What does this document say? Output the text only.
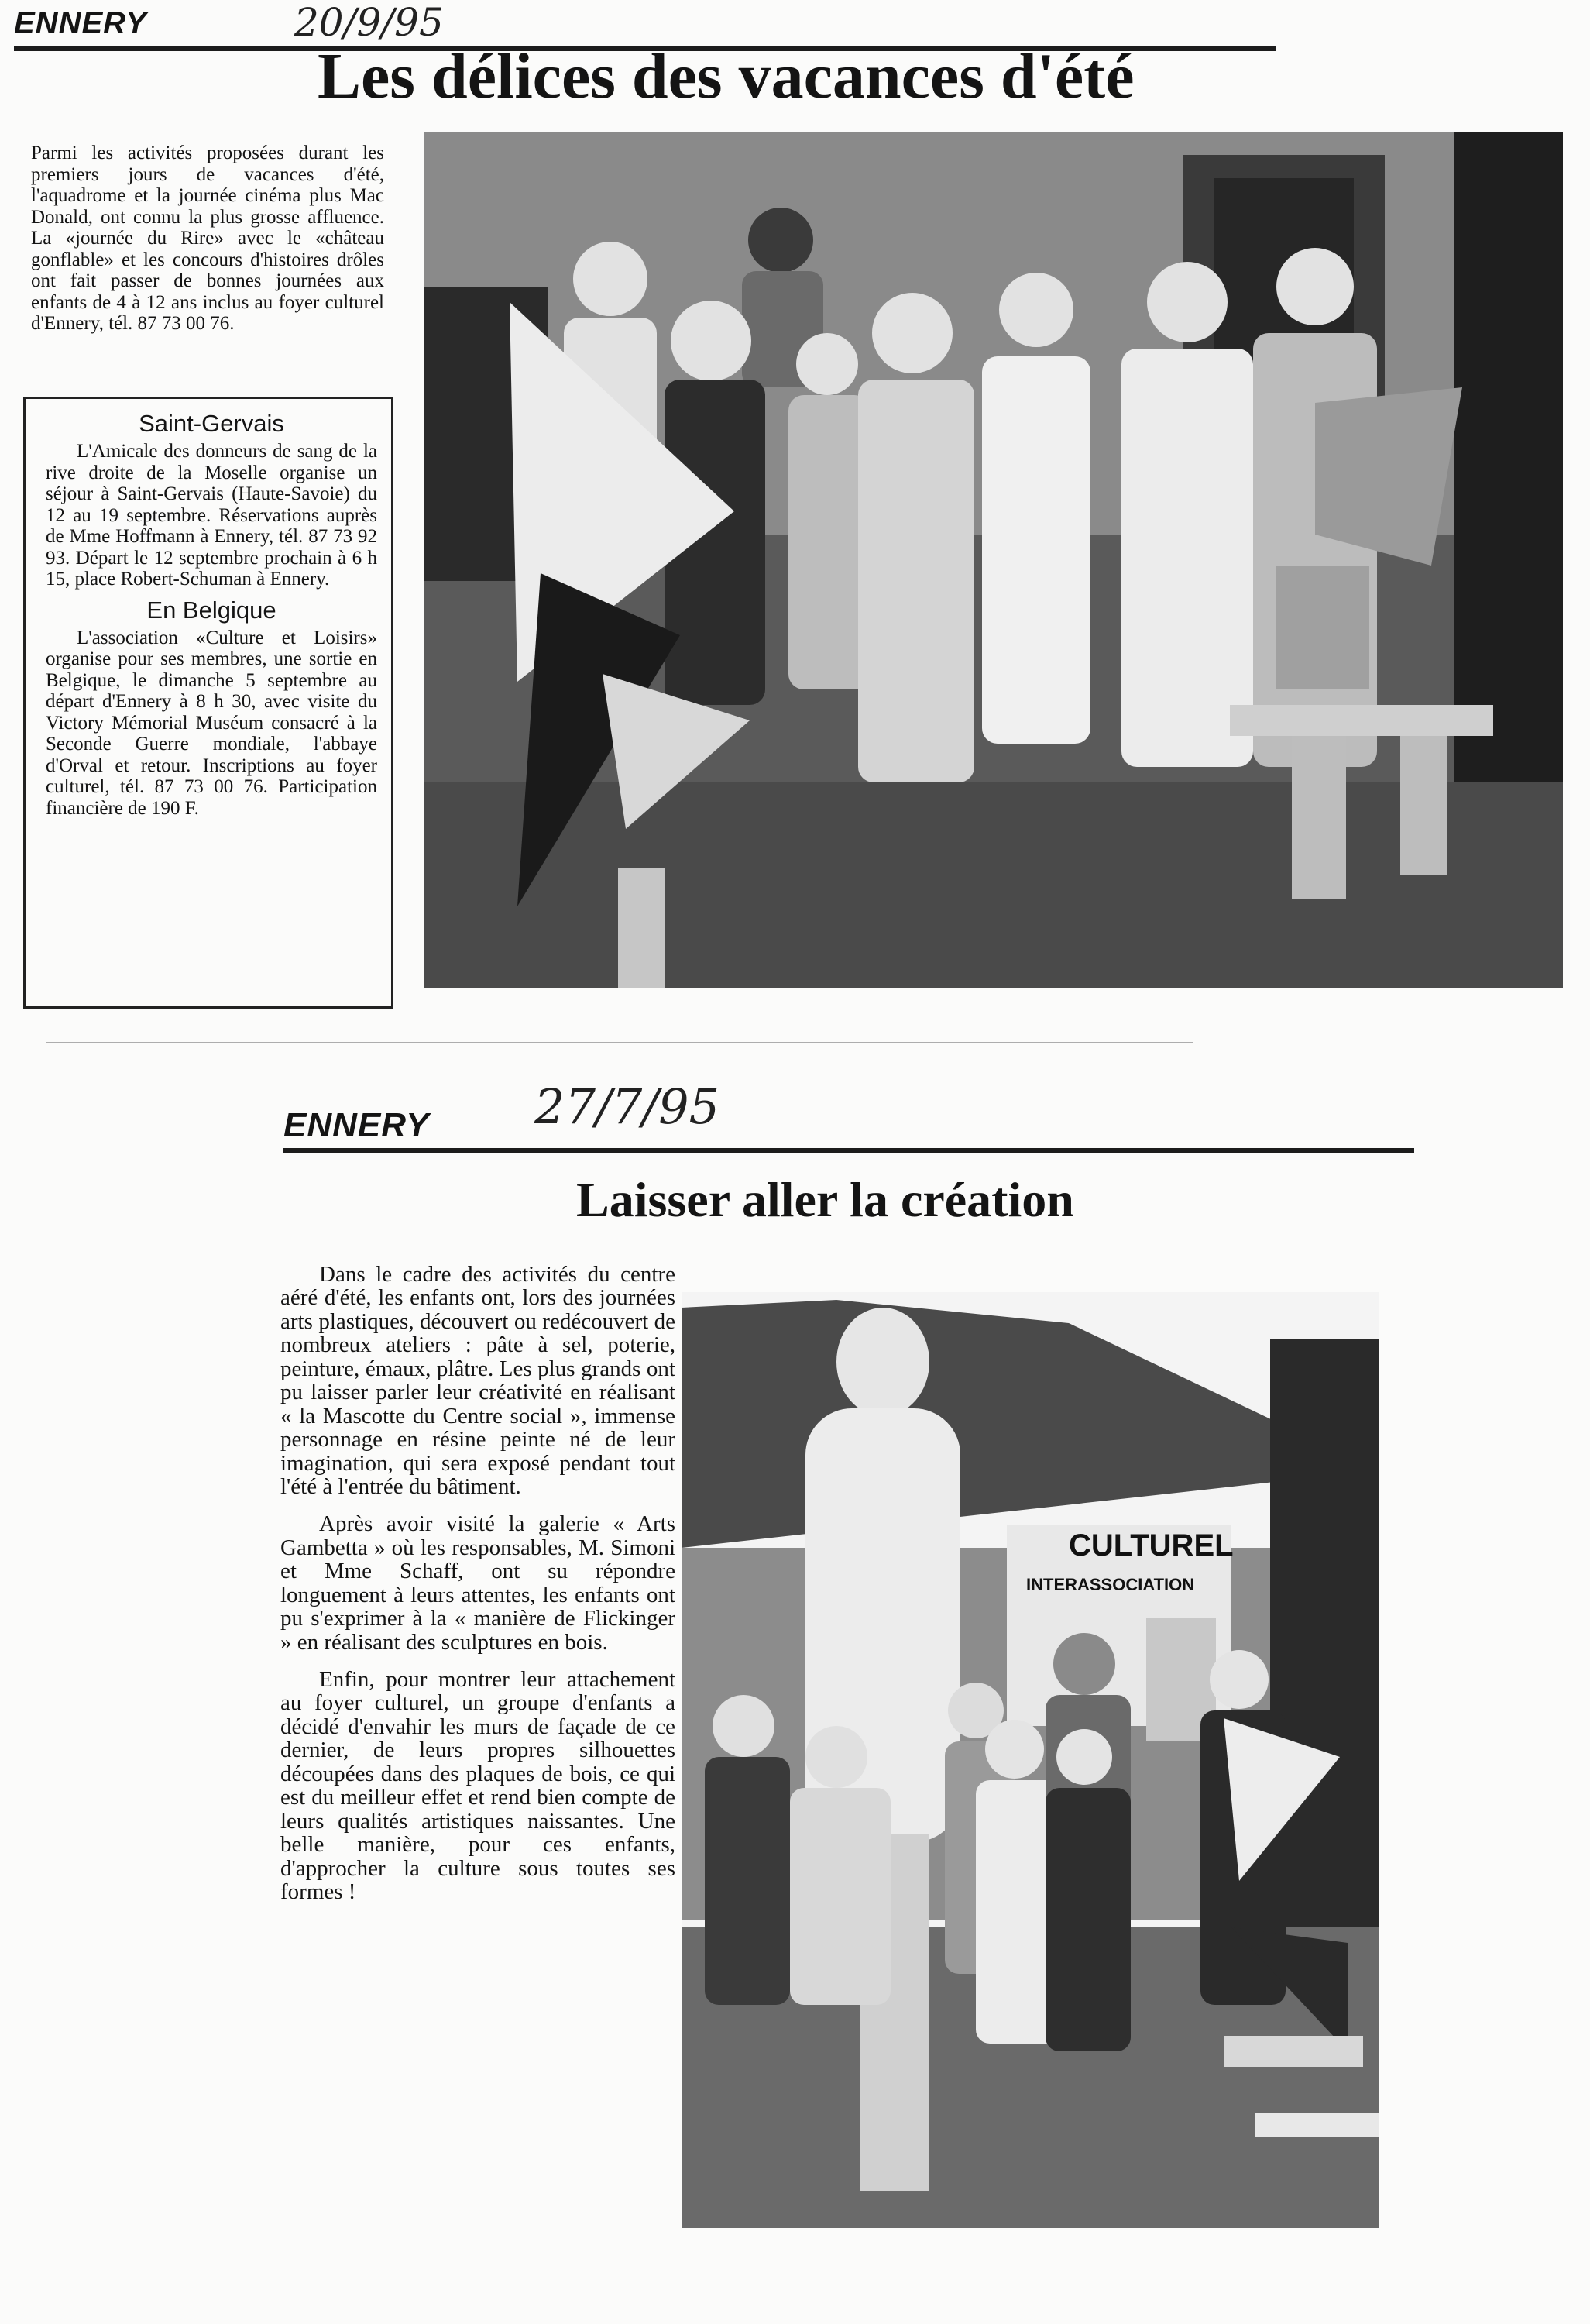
ENNERY	20/9/95
Les délices des vacances d'été
Parmi les activités proposées durant les premiers jours de vacances d'été, l'aquadrome et la journée cinéma plus Mac Donald, ont connu la plus grosse affluence. La «journée du Rire» avec le «château gonflable» et les concours d'histoires drôles ont fait passer de bonnes journées aux enfants de 4 à 12 ans inclus au foyer culturel d'Ennery, tél. 87 73 00 76.
Saint-Gervais
L'Amicale des donneurs de sang de la rive droite de la Moselle organise un séjour à Saint-Gervais (Haute-Savoie) du 12 au 19 septembre. Réservations auprès de Mme Hoffmann à Ennery, tél. 87 73 92 93. Départ le 12 septembre prochain à 6 h 15, place Robert-Schuman à Ennery.
En Belgique
L'association «Culture et Loisirs» organise pour ses membres, une sortie en Belgique, le dimanche 5 septembre au départ d'Ennery à 8 h 30, avec visite du Victory Mémorial Muséum consacré à la Seconde Guerre mondiale, l'abbaye d'Orval et retour. Inscriptions au foyer culturel, tél. 87 73 00 76. Participation financière de 190 F.
ENNERY 27/7/95
Laisser aller la création

Dans le cadre des activités du centre aéré d'été, les enfants ont, lors des journées arts plastiques, découvert ou redécouvert de nombreux ateliers : pâte à sel, poterie, peinture, émaux, plâtre. Les plus grands ont pu laisser parler leur créativité en réalisant « la Mascotte du Centre social », immense personnage en résine peinte né de leur imagination, qui sera exposé pendant tout l'été à l'entrée du bâtiment.

Après avoir visité la galerie « Arts Gambetta » où les responsables, M. Simoni et Mme Schaff, ont su répondre longuement à leurs attentes, les enfants ont pu s'exprimer à la « manière de Flickinger » en réalisant des sculptures en bois.

Enfin, pour montrer leur attachement au foyer culturel, un groupe d'enfants a décidé d'envahir les murs de façade de ce dernier, de leurs propres silhouettes découpées dans des plaques de bois, ce qui est du meilleur effet et rend bien compte de leurs qualités artistiques naissantes. Une belle manière, pour ces enfants, d'approcher la culture sous toutes ses formes !

CULTUREL
INTERASSOCIATION
